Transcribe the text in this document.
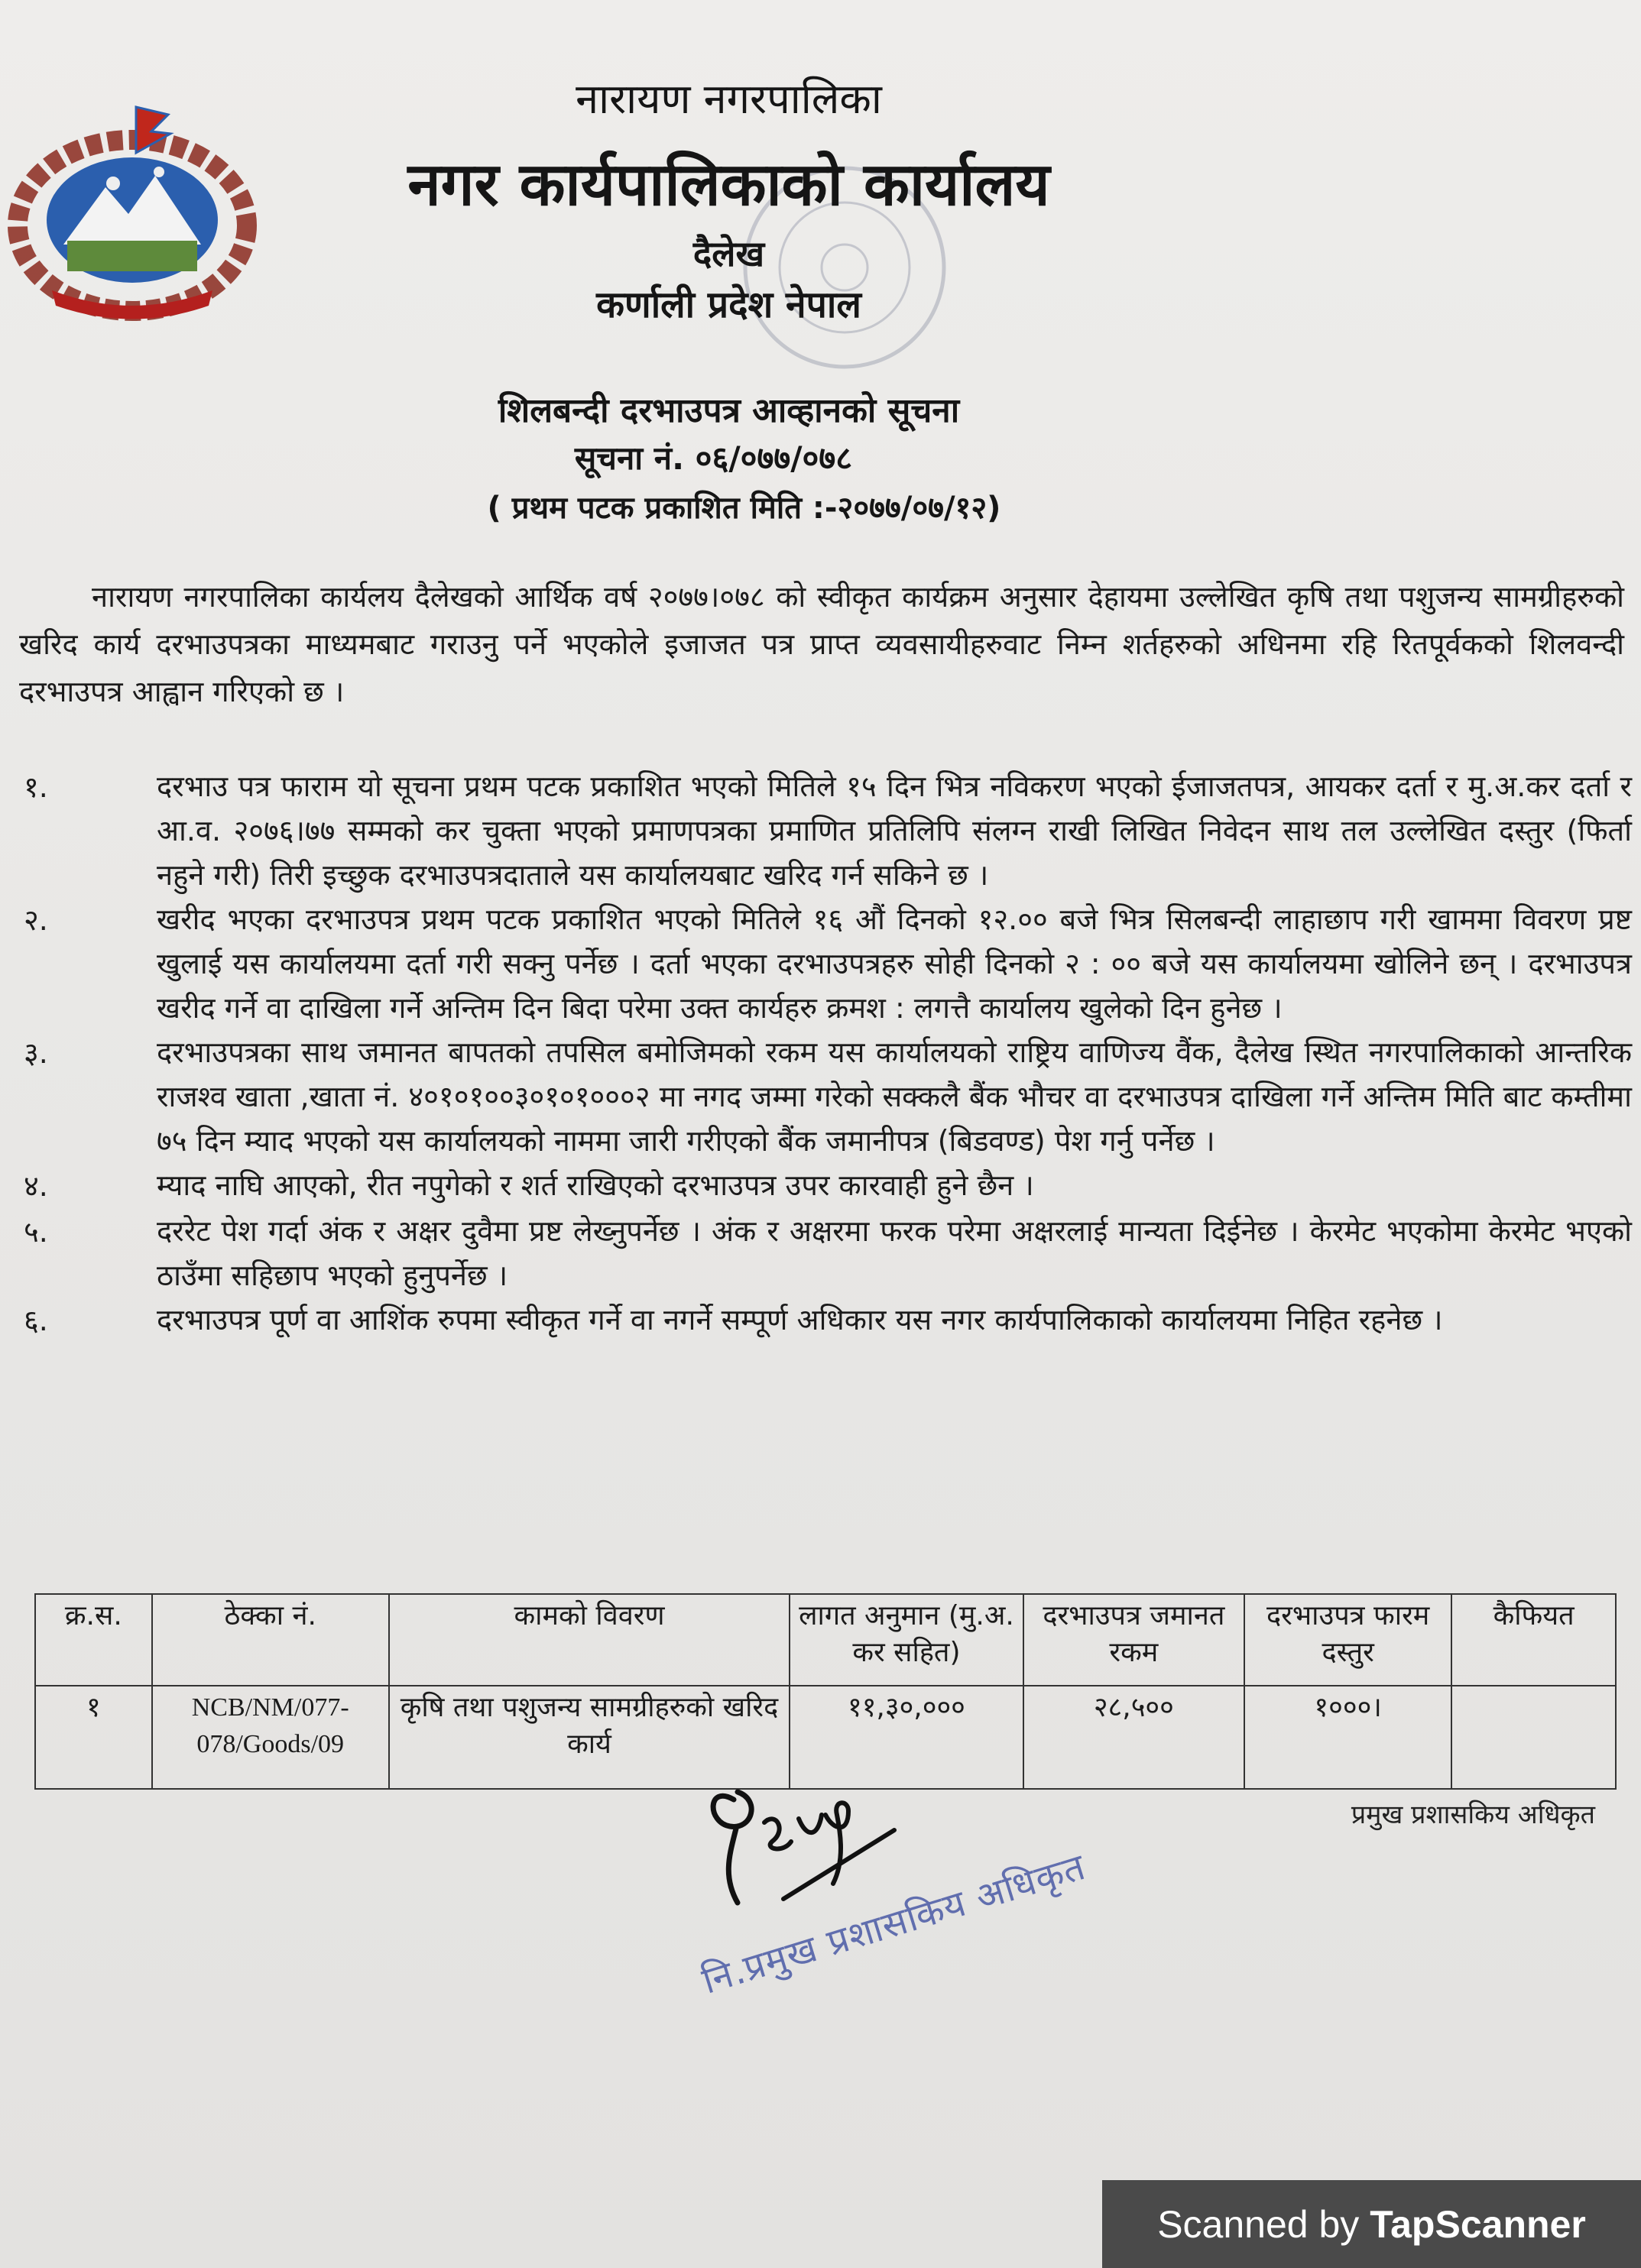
नारायण नगरपालिका
नगर कार्यपालिकाको कार्यालय
दैलेख
कर्णाली प्रदेश नेपाल
शिलबन्दी दरभाउपत्र आव्हानको सूचना
सूचना नं. ०६/०७७/०७८
( प्रथम पटक प्रकाशित मिति :-२०७७/०७/१२)
नारायण नगरपालिका कार्यलय दैलेखको आर्थिक वर्ष २०७७।०७८ को स्वीकृत कार्यक्रम अनुसार देहायमा उल्लेखित कृषि तथा पशुजन्य सामग्रीहरुको खरिद कार्य दरभाउपत्रका माध्यमबाट गराउनु पर्ने भएकोले इजाजत पत्र प्राप्त व्यवसायीहरुवाट निम्न शर्तहरुको अधिनमा रहि रितपूर्वकको शिलवन्दी दरभाउपत्र आह्वान गरिएको छ ।
१.	दरभाउ पत्र फाराम यो सूचना प्रथम पटक प्रकाशित भएको मितिले १५ दिन भित्र नविकरण भएको ईजाजतपत्र, आयकर दर्ता र मु.अ.कर दर्ता र आ.व. २०७६।७७ सम्मको कर चुक्ता भएको प्रमाणपत्रका प्रमाणित प्रतिलिपि संलग्न राखी लिखित निवेदन साथ तल उल्लेखित दस्तुर (फिर्ता नहुने गरी) तिरी इच्छुक दरभाउपत्रदाताले यस कार्यालयबाट खरिद गर्न सकिने छ ।
२.	खरीद भएका दरभाउपत्र प्रथम पटक प्रकाशित भएको मितिले १६ औं दिनको १२.०० बजे भित्र सिलबन्दी लाहाछाप गरी खाममा विवरण प्रष्ट खुलाई यस कार्यालयमा दर्ता गरी सक्नु पर्नेछ । दर्ता भएका दरभाउपत्रहरु सोही दिनको २ : ०० बजे यस कार्यालयमा खोलिने छन् । दरभाउपत्र खरीद गर्ने वा दाखिला गर्ने अन्तिम दिन बिदा परेमा उक्त कार्यहरु क्रमश : लगत्तै कार्यालय खुलेको दिन हुनेछ ।
३.	दरभाउपत्रका साथ जमानत बापतको तपसिल बमोजिमको रकम यस कार्यालयको राष्ट्रिय वाणिज्य वैंक, दैलेख स्थित नगरपालिकाको आन्तरिक राजश्व खाता ,खाता नं. ४०१०१००३०१०१०००२ मा नगद जम्मा गरेको सक्कलै बैंक भौचर वा दरभाउपत्र दाखिला गर्ने अन्तिम मिति बाट कम्तीमा ७५ दिन म्याद भएको यस कार्यालयको नाममा जारी गरीएको बैंक जमानीपत्र (बिडवण्ड) पेश गर्नु पर्नेछ ।
४.	म्याद नाघि आएको, रीत नपुगेको र शर्त राखिएको दरभाउपत्र उपर कारवाही हुने छैन ।
५.	दररेट पेश गर्दा अंक र अक्षर दुवैमा प्रष्ट लेख्नुपर्नेछ । अंक र अक्षरमा फरक परेमा अक्षरलाई मान्यता दिईनेछ । केरमेट भएकोमा केरमेट भएको ठाउँमा सहिछाप भएको हुनुपर्नेछ ।
६.	दरभाउपत्र पूर्ण वा आशिंक रुपमा स्वीकृत गर्ने वा नगर्ने सम्पूर्ण अधिकार यस नगर कार्यपालिकाको कार्यालयमा निहित रहनेछ ।
क्र.स.	ठेक्का नं.	कामको विवरण	लागत अनुमान (मु.अ. कर सहित)	दरभाउपत्र जमानत रकम	दरभाउपत्र फारम दस्तुर	कैफियत
१	NCB/NM/077-078/Goods/09	कृषि तथा पशुजन्य सामग्रीहरुको खरिद कार्य	११,३०,०००	२८,५००	१०००।	
प्रमुख प्रशासकिय अधिकृत
नि.प्रमुख प्रशासकिय अधिकृत
Scanned by TapScanner
